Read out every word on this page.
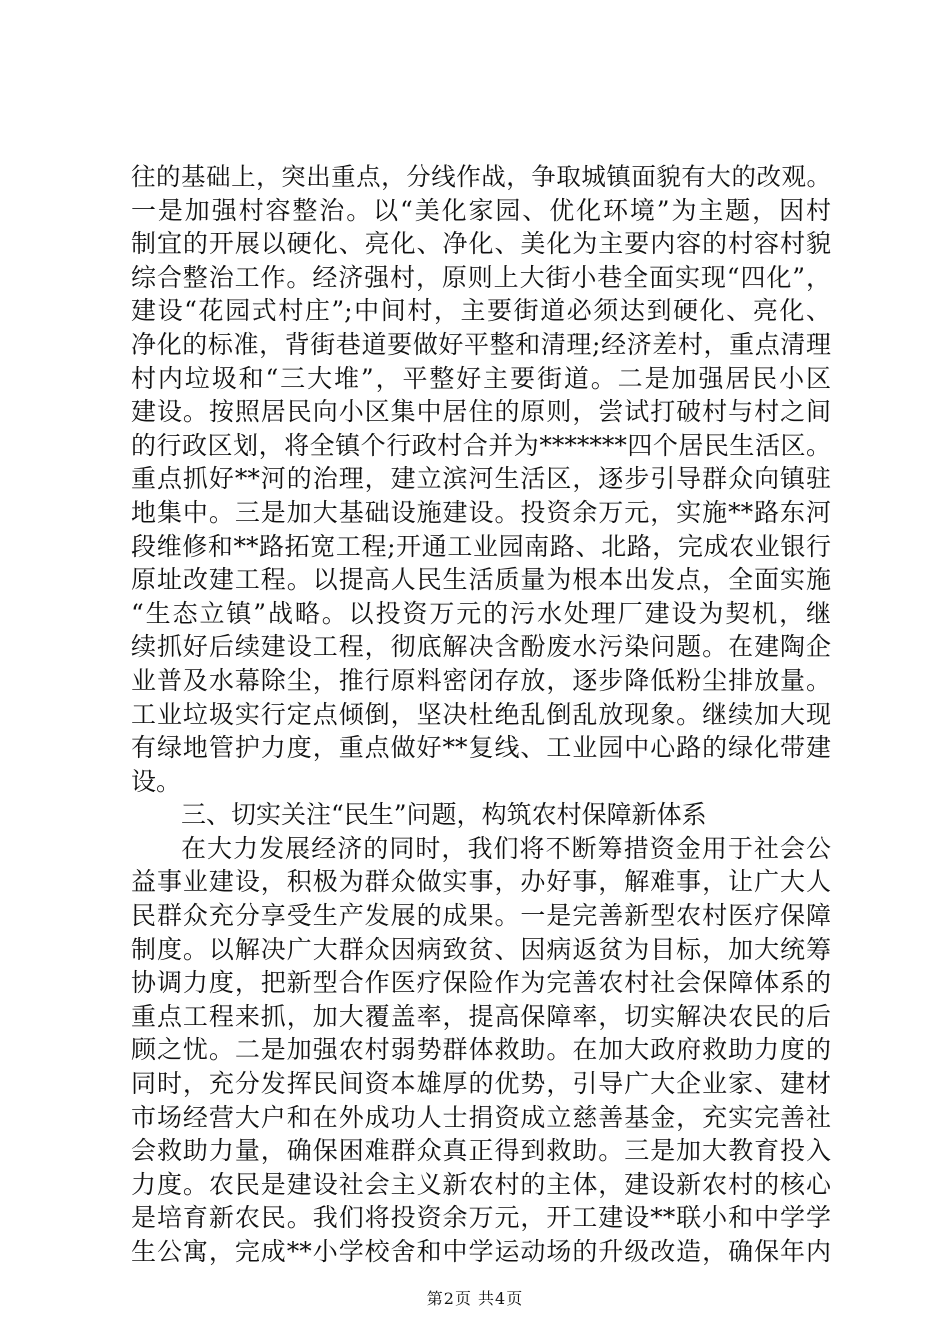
往的基础上，突出重点，分线作战，争取城镇面貌有大的改观。
一是加强村容整治。以“美化家园、优化环境”为主题，因村
制宜的开展以硬化、亮化、净化、美化为主要内容的村容村貌
综合整治工作。经济强村，原则上大街小巷全面实现“四化”，
建设“花园式村庄”;中间村，主要街道必须达到硬化、亮化、
净化的标准，背街巷道要做好平整和清理;经济差村，重点清理
村内垃圾和“三大堆”，平整好主要街道。二是加强居民小区
建设。按照居民向小区集中居住的原则，尝试打破村与村之间
的行政区划，将全镇个行政村合并为*******四个居民生活区。
重点抓好**河的治理，建立滨河生活区，逐步引导群众向镇驻
地集中。三是加大基础设施建设。投资余万元，实施**路东河
段维修和**路拓宽工程;开通工业园南路、北路，完成农业银行
原址改建工程。以提高人民生活质量为根本出发点，全面实施
“生态立镇”战略。以投资万元的污水处理厂建设为契机，继
续抓好后续建设工程，彻底解决含酚废水污染问题。在建陶企
业普及水幕除尘，推行原料密闭存放，逐步降低粉尘排放量。
工业垃圾实行定点倾倒，坚决杜绝乱倒乱放现象。继续加大现
有绿地管护力度，重点做好**复线、工业园中心路的绿化带建
设。
三、切实关注“民生”问题，构筑农村保障新体系
在大力发展经济的同时，我们将不断筹措资金用于社会公
益事业建设，积极为群众做实事，办好事，解难事，让广大人
民群众充分享受生产发展的成果。一是完善新型农村医疗保障
制度。以解决广大群众因病致贫、因病返贫为目标，加大统筹
协调力度，把新型合作医疗保险作为完善农村社会保障体系的
重点工程来抓，加大覆盖率，提高保障率，切实解决农民的后
顾之忧。二是加强农村弱势群体救助。在加大政府救助力度的
同时，充分发挥民间资本雄厚的优势，引导广大企业家、建材
市场经营大户和在外成功人士捐资成立慈善基金，充实完善社
会救助力量，确保困难群众真正得到救助。三是加大教育投入
力度。农民是建设社会主义新农村的主体，建设新农村的核心
是培育新农民。我们将投资余万元，开工建设**联小和中学学
生公寓，完成**小学校舍和中学运动场的升级改造，确保年内
第2页 共4页
